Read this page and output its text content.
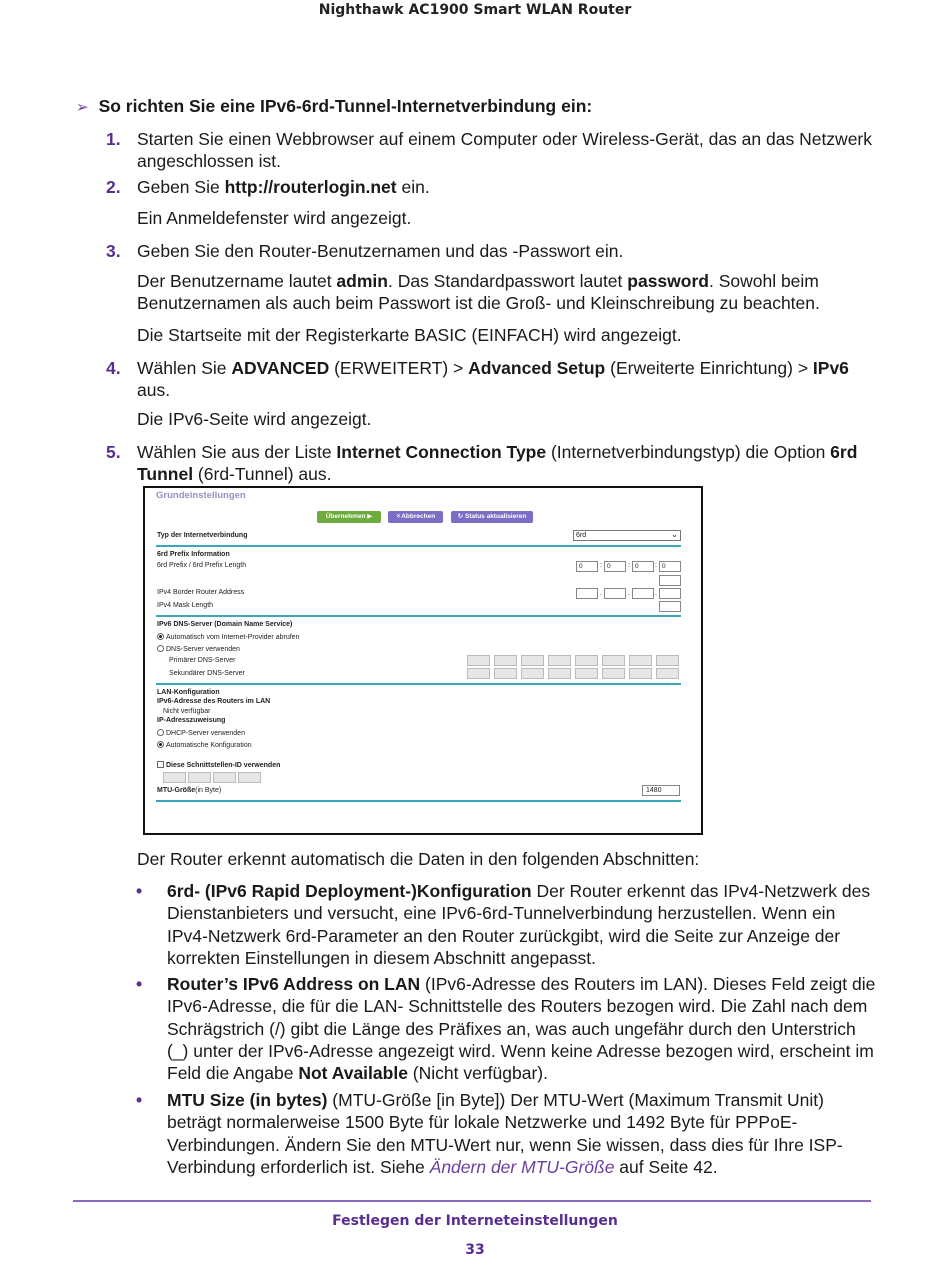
Nighthawk AC1900 Smart WLAN Router
➢ So richten Sie eine IPv6-6rd-Tunnel-Internetverbindung ein:
1. Starten Sie einen Webbrowser auf einem Computer oder Wireless-Gerät, das an das Netzwerk angeschlossen ist.
2. Geben Sie http://routerlogin.net ein.
Ein Anmeldefenster wird angezeigt.
3. Geben Sie den Router-Benutzernamen und das -Passwort ein.
Der Benutzername lautet admin. Das Standardpasswort lautet password. Sowohl beim Benutzernamen als auch beim Passwort ist die Groß- und Kleinschreibung zu beachten.
Die Startseite mit der Registerkarte BASIC (EINFACH) wird angezeigt.
4. Wählen Sie ADVANCED (ERWEITERT) > Advanced Setup (Erweiterte Einrichtung) > IPv6 aus.
Die IPv6-Seite wird angezeigt.
5. Wählen Sie aus der Liste Internet Connection Type (Internetverbindungstyp) die Option 6rd Tunnel (6rd-Tunnel) aus.
Grundeinstellungen
Übernehmen ▶	✕Abbrechen	↻ Status aktualisieren
Typ der Internetverbindung	6rd	⌄
6rd Prefix Information
6rd Prefix / 6rd Prefix Length	0	: 0	: 0	: 0
IPv4 Border Router Address	.	.	.
IPv4 Mask Length
IPv6 DNS-Server (Domain Name Service)
Automatisch vom Internet-Provider abrufen
DNS-Server verwenden
Primärer DNS-Server
Sekundärer DNS-Server
LAN-Konfiguration
IPv6-Adresse des Routers im LAN
Nicht verfügbar
IP-Adresszuweisung
DHCP-Server verwenden
Automatische Konfiguration
Diese Schnittstellen-ID verwenden
MTU-Größe(in Byte)	1480
Der Router erkennt automatisch die Daten in den folgenden Abschnitten:
• 6rd- (IPv6 Rapid Deployment-)Konfiguration Der Router erkennt das IPv4-Netzwerk des Dienstanbieters und versucht, eine IPv6-6rd-Tunnelverbindung herzustellen. Wenn ein IPv4-Netzwerk 6rd-Parameter an den Router zurückgibt, wird die Seite zur Anzeige der korrekten Einstellungen in diesem Abschnitt angepasst.
• Router’s IPv6 Address on LAN (IPv6-Adresse des Routers im LAN). Dieses Feld zeigt die IPv6-Adresse, die für die LAN- Schnittstelle des Routers bezogen wird. Die Zahl nach dem Schrägstrich (/) gibt die Länge des Präfixes an, was auch ungefähr durch den Unterstrich (_) unter der IPv6-Adresse angezeigt wird. Wenn keine Adresse bezogen wird, erscheint im Feld die Angabe Not Available (Nicht verfügbar).
• MTU Size (in bytes) (MTU-Größe [in Byte]) Der MTU-Wert (Maximum Transmit Unit) beträgt normalerweise 1500 Byte für lokale Netzwerke und 1492 Byte für PPPoE-Verbindungen. Ändern Sie den MTU-Wert nur, wenn Sie wissen, dass dies für Ihre ISP-Verbindung erforderlich ist. Siehe Ändern der MTU-Größe auf Seite 42.
Festlegen der Interneteinstellungen
33
